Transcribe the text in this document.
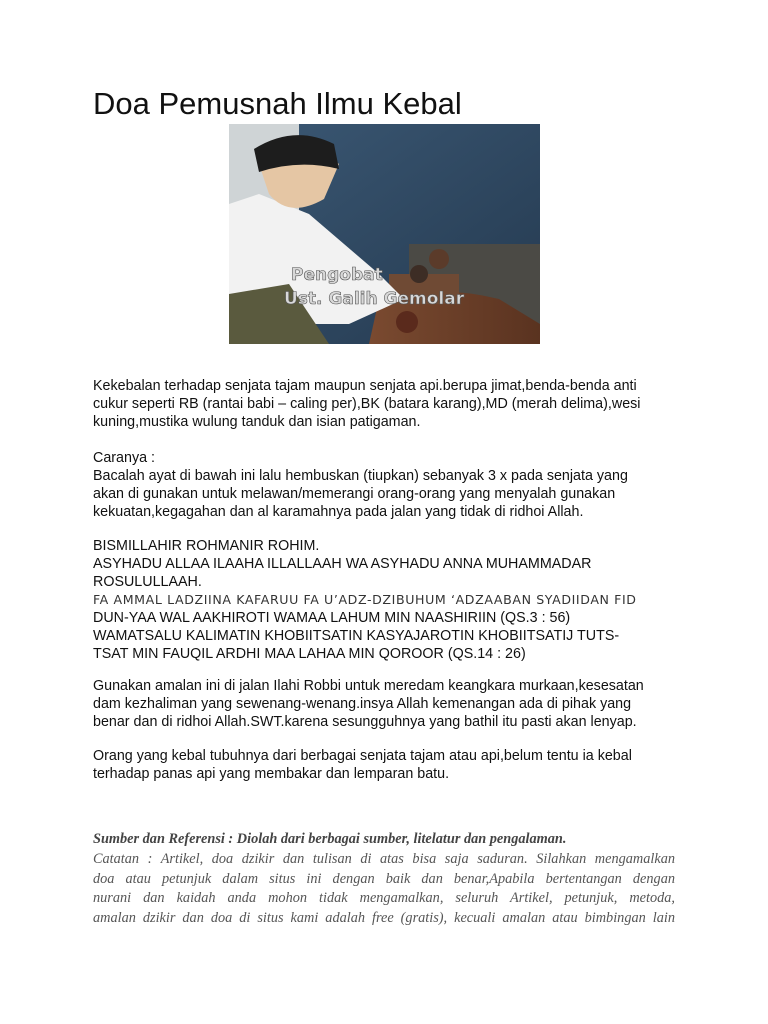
Doa Pemusnah Ilmu Kebal
Pengobat
Ust. Galih Gemolar
Kekebalan terhadap senjata tajam maupun senjata api.berupa jimat,benda-benda anti
cukur seperti RB (rantai babi – caling per),BK (batara karang),MD (merah delima),wesi
kuning,mustika wulung tanduk dan isian patigaman.
Caranya :
Bacalah ayat di bawah ini lalu hembuskan (tiupkan) sebanyak 3 x pada senjata yang
akan di gunakan untuk melawan/memerangi orang-orang yang menyalah gunakan
kekuatan,kegagahan dan al karamahnya pada jalan yang tidak di ridhoi Allah.
BISMILLAHIR ROHMANIR ROHIM.
ASYHADU ALLAA ILAAHA ILLALLAAH WA ASYHADU ANNA MUHAMMADAR
ROSULULLAAH.
FA AMMAL LADZIINA KAFARUU FA U’ADZ-DZIBUHUM ‘ADZAABAN SYADIIDAN FID
DUN-YAA WAL AAKHIROTI WAMAA LAHUM MIN NAASHIRIIN (QS.3 : 56)
WAMATSALU KALIMATIN KHOBIITSATIN KASYAJAROTIN KHOBIITSATIJ TUTS-
TSAT MIN FAUQIL ARDHI MAA LAHAA MIN QOROOR (QS.14 : 26)
Gunakan amalan ini di jalan Ilahi Robbi untuk meredam keangkara murkaan,kesesatan
dam kezhaliman yang sewenang-wenang.insya Allah kemenangan ada di pihak yang
benar dan di ridhoi Allah.SWT.karena sesungguhnya yang bathil itu pasti akan lenyap.
Orang yang kebal tubuhnya dari berbagai senjata tajam atau api,belum tentu ia kebal
terhadap panas api yang membakar dan lemparan batu.
Sumber dan Referensi : Diolah dari berbagai sumber, litelatur dan pengalaman.
Catatan : Artikel, doa dzikir dan tulisan di atas bisa saja saduran. Silahkan mengamalkan
doa atau petunjuk dalam situs ini dengan baik dan benar,Apabila bertentangan dengan
nurani dan kaidah anda mohon tidak mengamalkan, seluruh Artikel, petunjuk, metoda,
amalan dzikir dan doa di situs kami adalah free (gratis), kecuali amalan atau bimbingan lain
